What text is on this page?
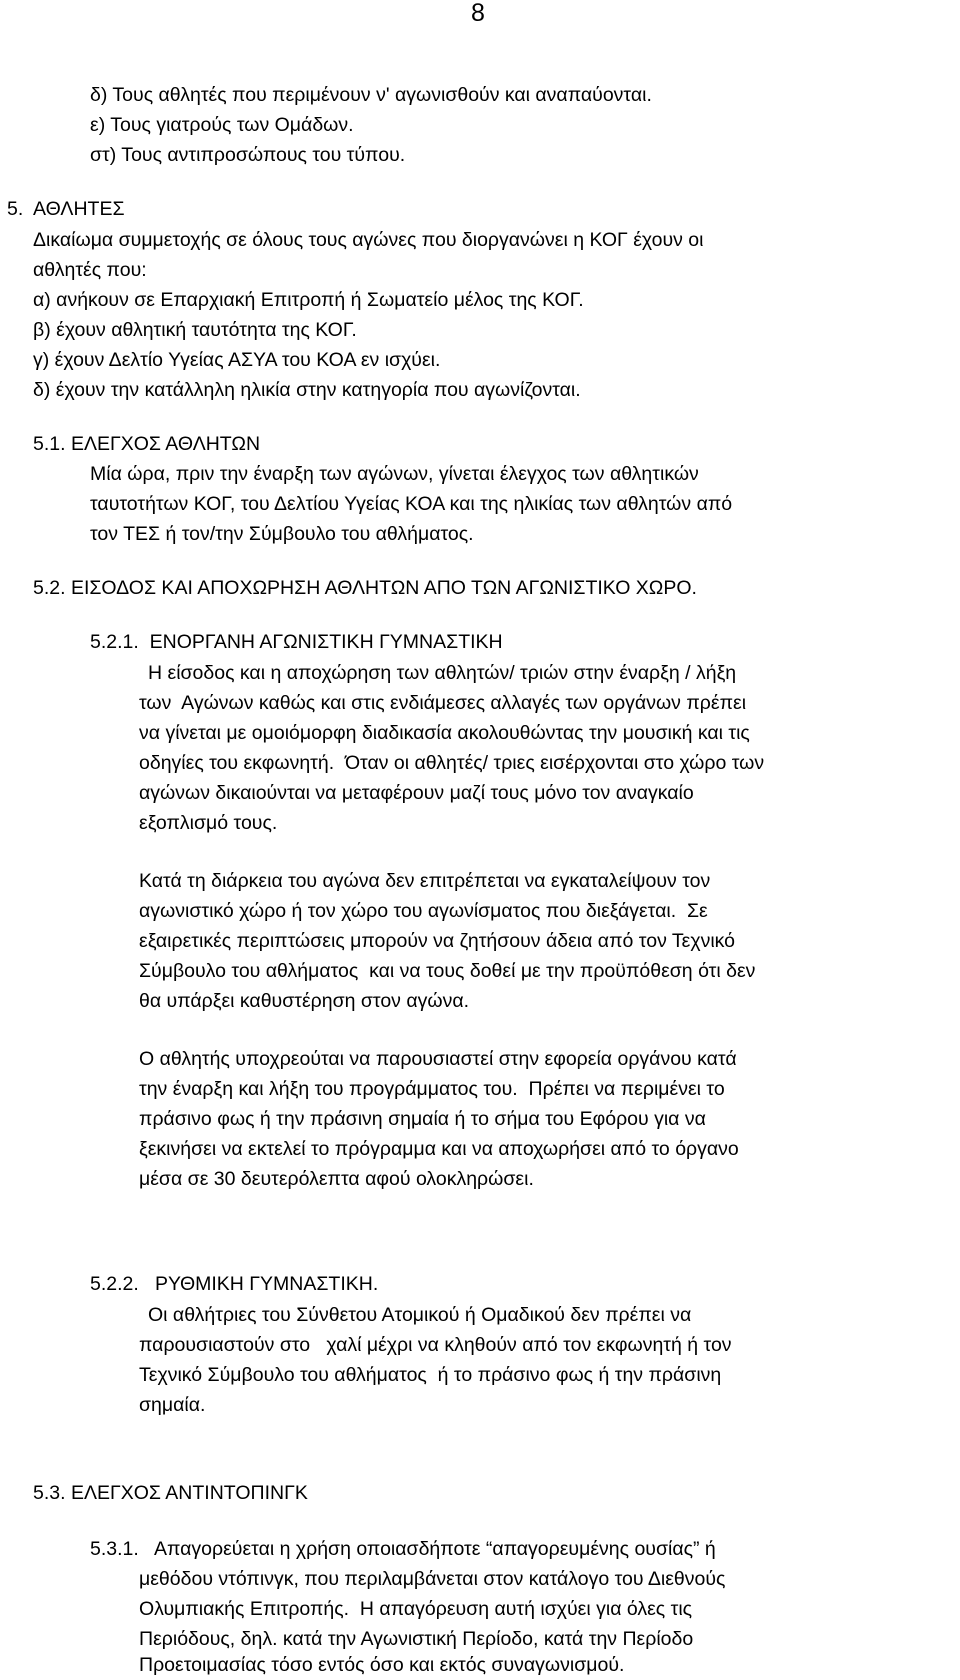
8
δ) Τους αθλητές που περιμένουν ν' αγωνισθούν και αναπαύονται.
ε) Τους γιατρούς των Ομάδων.
στ) Τους αντιπροσώπους του τύπου.
5.  ΑΘΛΗΤΕΣ
Δικαίωμα συμμετοχής σε όλους τους αγώνες που διοργανώνει η ΚΟΓ έχουν οι
αθλητές που:
α) ανήκουν σε Επαρχιακή Επιτροπή ή Σωματείο μέλος της ΚΟΓ.
β) έχουν αθλητική ταυτότητα της ΚΟΓ.
γ) έχουν Δελτίο Υγείας ΑΣΥΑ του ΚΟΑ εν ισχύει.
δ) έχουν την κατάλληλη ηλικία στην κατηγορία που αγωνίζονται.
5.1. ΕΛΕΓΧΟΣ ΑΘΛΗΤΩΝ
Μία ώρα, πριν την έναρξη των αγώνων, γίνεται έλεγχος των αθλητικών
ταυτοτήτων ΚΟΓ, του Δελτίου Υγείας ΚΟΑ και της ηλικίας των αθλητών από
τον ΤΕΣ ή τον/την Σύμβουλο του αθλήματος.
5.2. ΕΙΣΟΔΟΣ ΚΑΙ ΑΠΟΧΩΡΗΣΗ ΑΘΛΗΤΩΝ ΑΠΟ ΤΩΝ ΑΓΩΝΙΣΤΙΚΟ ΧΩΡΟ.
5.2.1.  ΕΝΟΡΓΑΝΗ ΑΓΩΝΙΣΤΙΚΗ ΓΥΜΝΑΣΤΙΚΗ
Η είσοδος και η αποχώρηση των αθλητών/ τριών στην έναρξη / λήξη
των  Αγώνων καθώς και στις ενδιάμεσες αλλαγές των οργάνων πρέπει
να γίνεται με ομοιόμορφη διαδικασία ακολουθώντας την μουσική και τις
οδηγίες του εκφωνητή.  Όταν οι αθλητές/ τριες εισέρχονται στο χώρο των
αγώνων δικαιούνται να μεταφέρουν μαζί τους μόνο τον αναγκαίο
εξοπλισμό τους.
Κατά τη διάρκεια του αγώνα δεν επιτρέπεται να εγκαταλείψουν τον
αγωνιστικό χώρο ή τον χώρο του αγωνίσματος που διεξάγεται.  Σε
εξαιρετικές περιπτώσεις μπορούν να ζητήσουν άδεια από τον Τεχνικό
Σύμβουλο του αθλήματος  και να τους δοθεί με την προϋπόθεση ότι δεν
θα υπάρξει καθυστέρηση στον αγώνα.
Ο αθλητής υποχρεούται να παρουσιαστεί στην εφορεία οργάνου κατά
την έναρξη και λήξη του προγράμματος του.  Πρέπει να περιμένει το
πράσινο φως ή την πράσινη σημαία ή το σήμα του Εφόρου για να
ξεκινήσει να εκτελεί το πρόγραμμα και να αποχωρήσει από το όργανο
μέσα σε 30 δευτερόλεπτα αφού ολοκληρώσει.
5.2.2.   ΡΥΘΜΙΚΗ ΓΥΜΝΑΣΤΙΚΗ.
Οι αθλήτριες του Σύνθετου Ατομικού ή Ομαδικού δεν πρέπει να
παρουσιαστούν στο   χαλί μέχρι να κληθούν από τον εκφωνητή ή τον
Τεχνικό Σύμβουλο του αθλήματος  ή το πράσινο φως ή την πράσινη
σημαία.
5.3. ΕΛΕΓΧΟΣ ΑΝΤΙΝΤΟΠΙΝΓΚ
5.3.1.   Απαγορεύεται η χρήση οποιασδήποτε “απαγορευμένης ουσίας” ή
μεθόδου ντόπινγκ, που περιλαμβάνεται στον κατάλογο του Διεθνούς
Ολυμπιακής Επιτροπής.  Η απαγόρευση αυτή ισχύει για όλες τις
Περιόδους, δηλ. κατά την Αγωνιστική Περίοδο, κατά την Περίοδο
Προετοιμασίας τόσο εντός όσο και εκτός συναγωνισμού.
